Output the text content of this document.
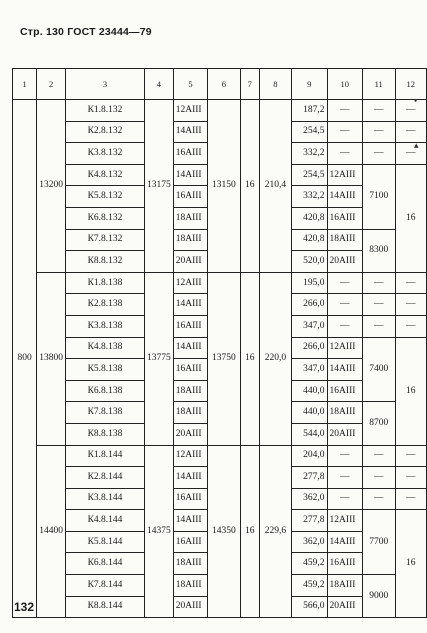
Стр. 130 ГОСТ 23444—79
1	2	3	4	5	6	7	8	9	10	11	12
800	13200	К1.8.132	13175	12АIII	13150	16	210,4	187,2	—	—	—
		К2.8.132		14АIII				254,5	—	—	—
		К3.8.132		16АIII				332,2	—	—	—
		К4.8.132		14АIII				254,5	12АIII	7100	16
		К5.8.132		16АIII				332,2	14АIII		
		К6.8.132		18АIII				420,8	16АIII		
		К7.8.132		18АIII				420,8	18АIII	8300	
		К8.8.132		20АIII				520,0	20АIII		
	13800	К1.8.138	13775	12АIII	13750	16	220,0	195,0	—	—	—
		К2.8.138		14АIII				266,0	—	—	—
		К3.8.138		16АIII				347,0	—	—	—
		К4.8.138		14АIII				266,0	12АIII	7400	16
		К5.8.138		16АIII				347,0	14АIII		
		К6.8.138		18АIII				440,0	16АIII		
		К7.8.138		18АIII				440,0	18АIII	8700	
		К8.8.138		20АIII				544,0	20АIII		
	14400	К1.8.144	14375	12АIII	14350	16	229,6	204,0	—	—	—
		К2.8.144		14АIII				277,8	—	—	—
		К3.8.144		16АIII				362,0	—	—	—
		К4.8.144		14АIII				277,8	12АIII	7700	16
		К5.8.144		16АIII				362,0	14АIII		
		К6.8.144		18АIII				459,2	16АIII		
		К7.8.144		18АIII				459,2	18АIII	9000	
		К8.8.144		20АIII				566,0	20АIII		
•
▴
132
